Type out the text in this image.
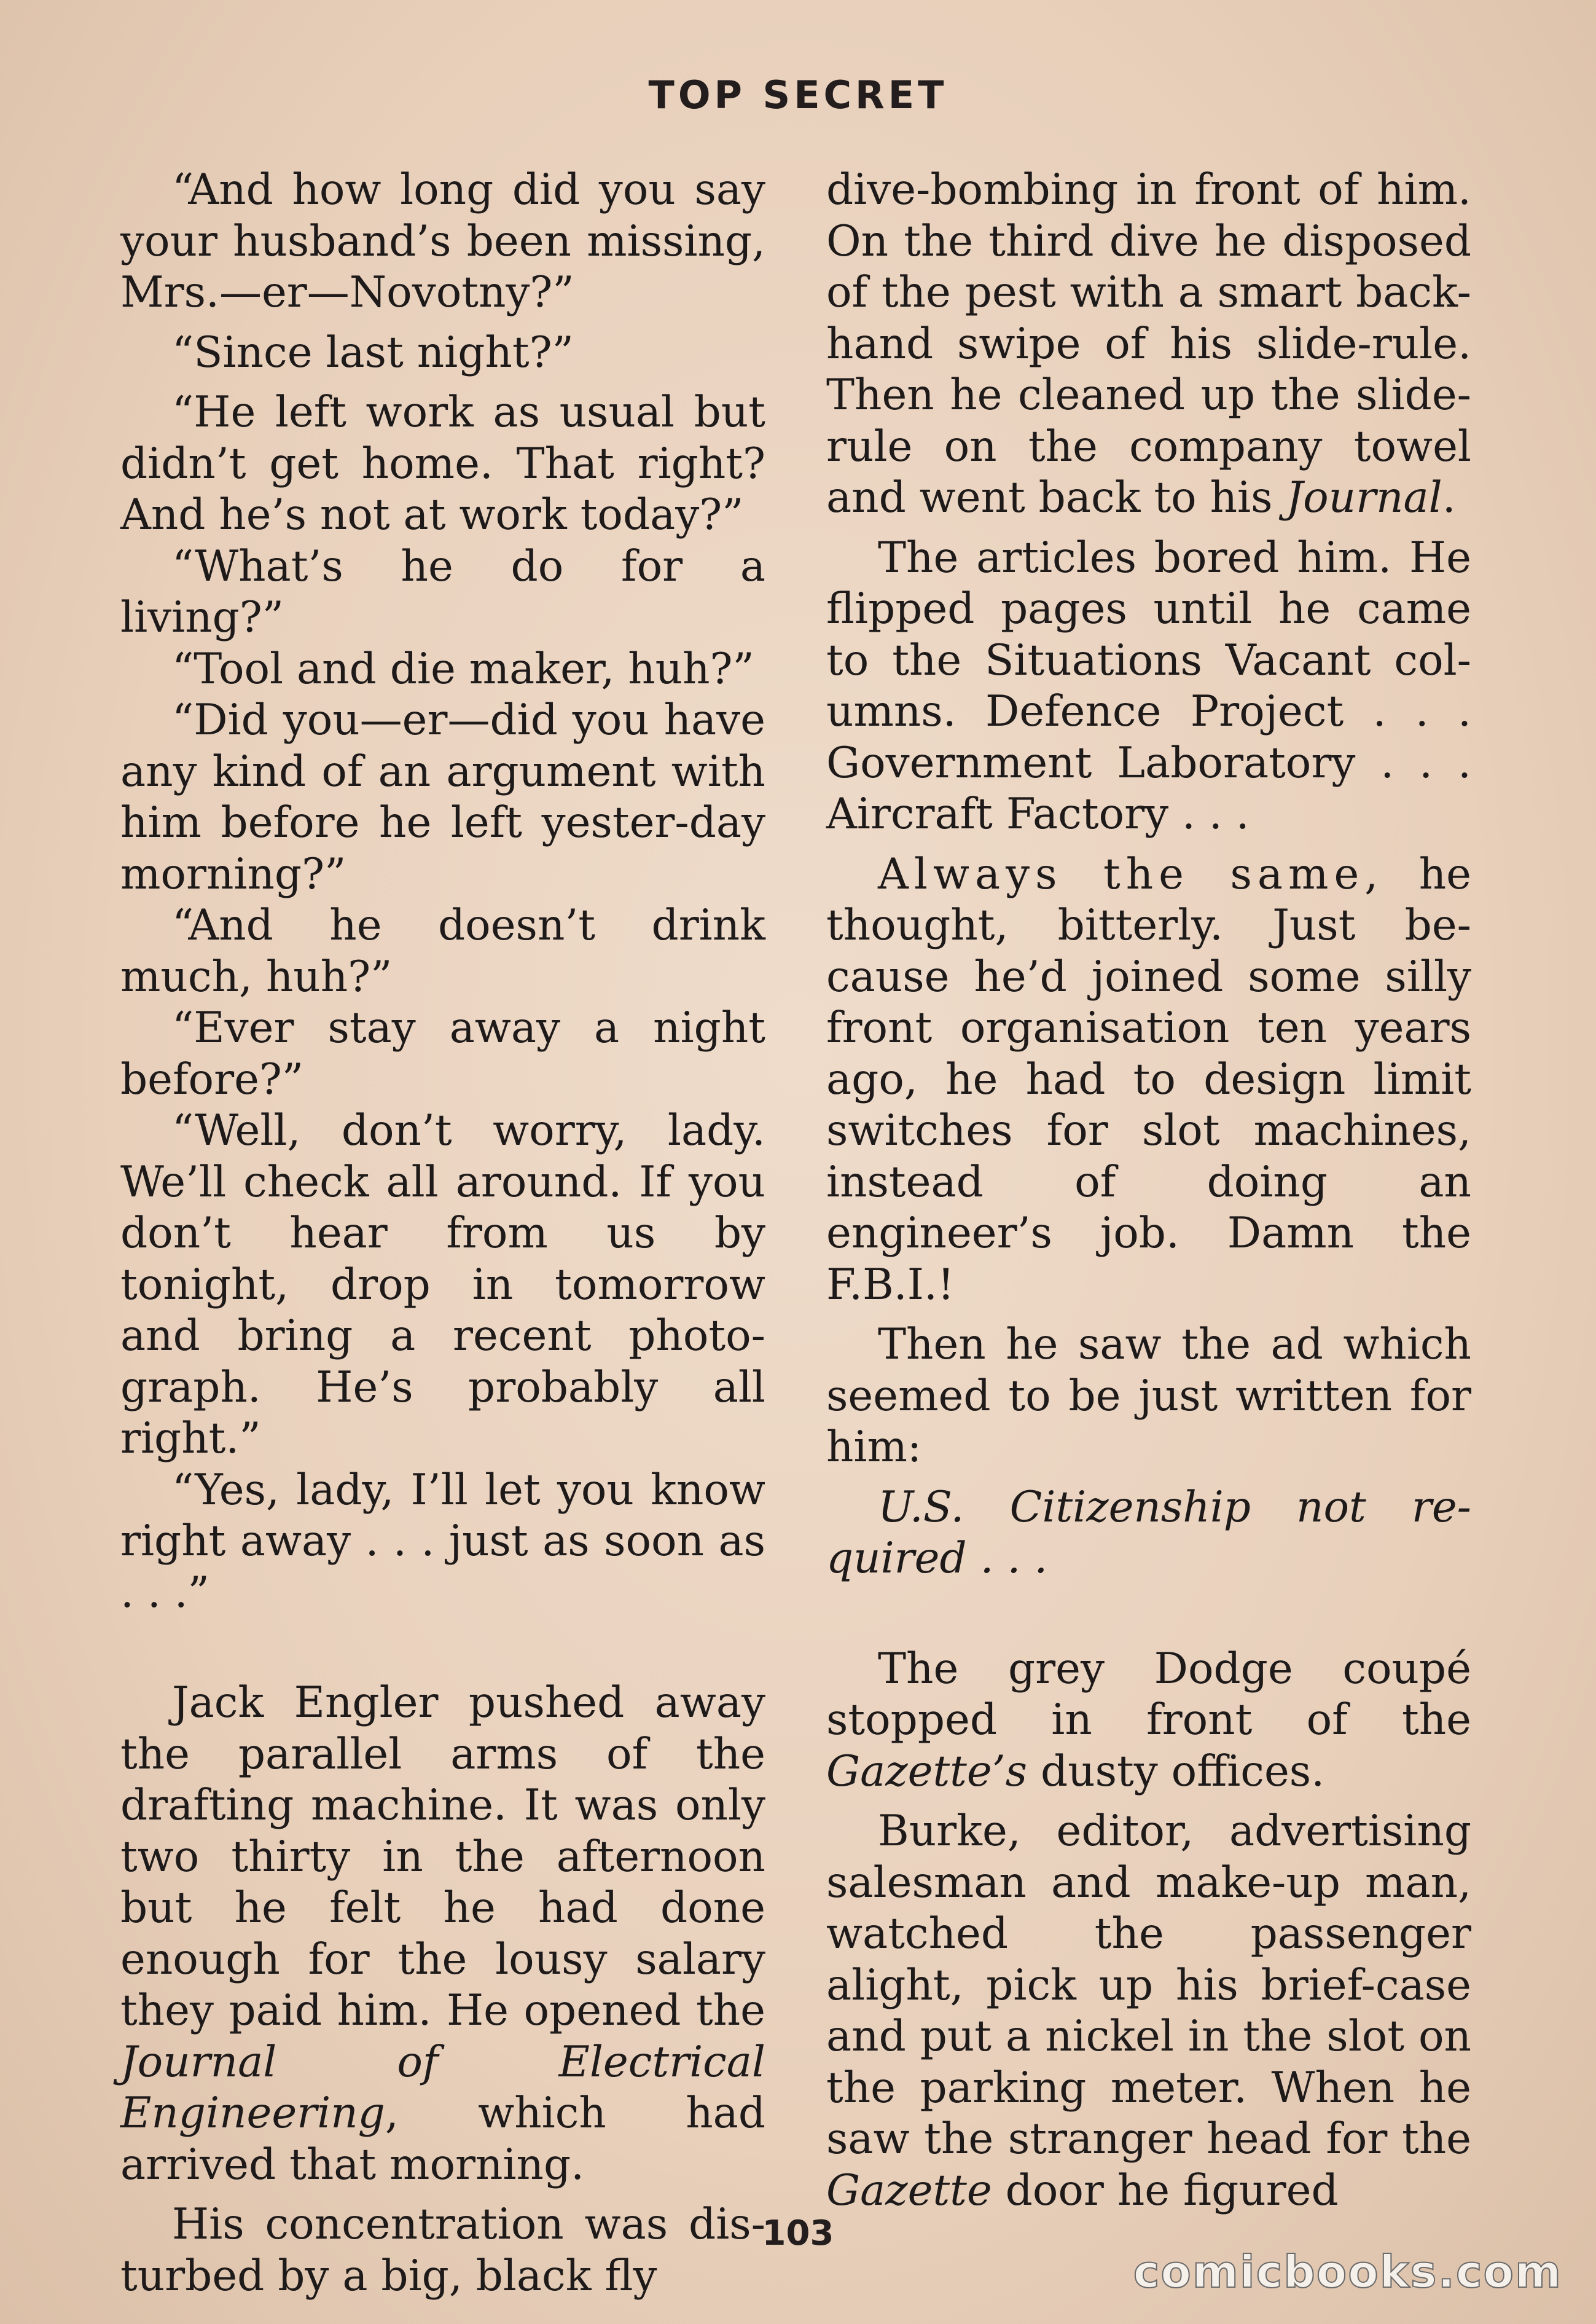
TOP SECRET

“And how long did you say your husband’s been missing, Mrs.—er—Novotny?”

“Since last night?”

“He left work as usual but didn’t get home. That right? And he’s not at work today?”

“What’s he do for a living?”

“Tool and die maker, huh?”

“Did you—er—did you have any kind of an argument with him before he left yester-day morning?”

“And he doesn’t drink much, huh?”

“Ever stay away a night before?”

“Well, don’t worry, lady. We’ll check all around. If you don’t hear from us by tonight, drop in tomorrow and bring a recent photo-graph. He’s probably all right.”

“Yes, lady, I’ll let you know right away . . . just as soon as . . .”

Jack Engler pushed away the parallel arms of the drafting machine. It was only two thirty in the afternoon but he felt he had done enough for the lousy salary they paid him. He opened the Journal of Electrical Engineering, which had arrived that morning.

His concentration was dis-turbed by a big, black fly

dive-bombing in front of him. On the third dive he disposed of the pest with a smart back-hand swipe of his slide-rule. Then he cleaned up the slide-rule on the company towel and went back to his Journal.

The articles bored him. He flipped pages until he came to the Situations Vacant col-umns. Defence Project . . . Government Laboratory . . . Aircraft Factory . . .

Always the same, he thought, bitterly. Just be-cause he’d joined some silly front organisation ten years ago, he had to design limit switches for slot machines, instead of doing an engineer’s job. Damn the F.B.I.!

Then he saw the ad which seemed to be just written for him:

U.S. Citizenship not re-quired . . .

The grey Dodge coupé stopped in front of the Gazette’s dusty offices.

Burke, editor, advertising salesman and make-up man, watched the passenger alight, pick up his brief-case and put a nickel in the slot on the parking meter. When he saw the stranger head for the Gazette door he figured

103
comicbooks.com
